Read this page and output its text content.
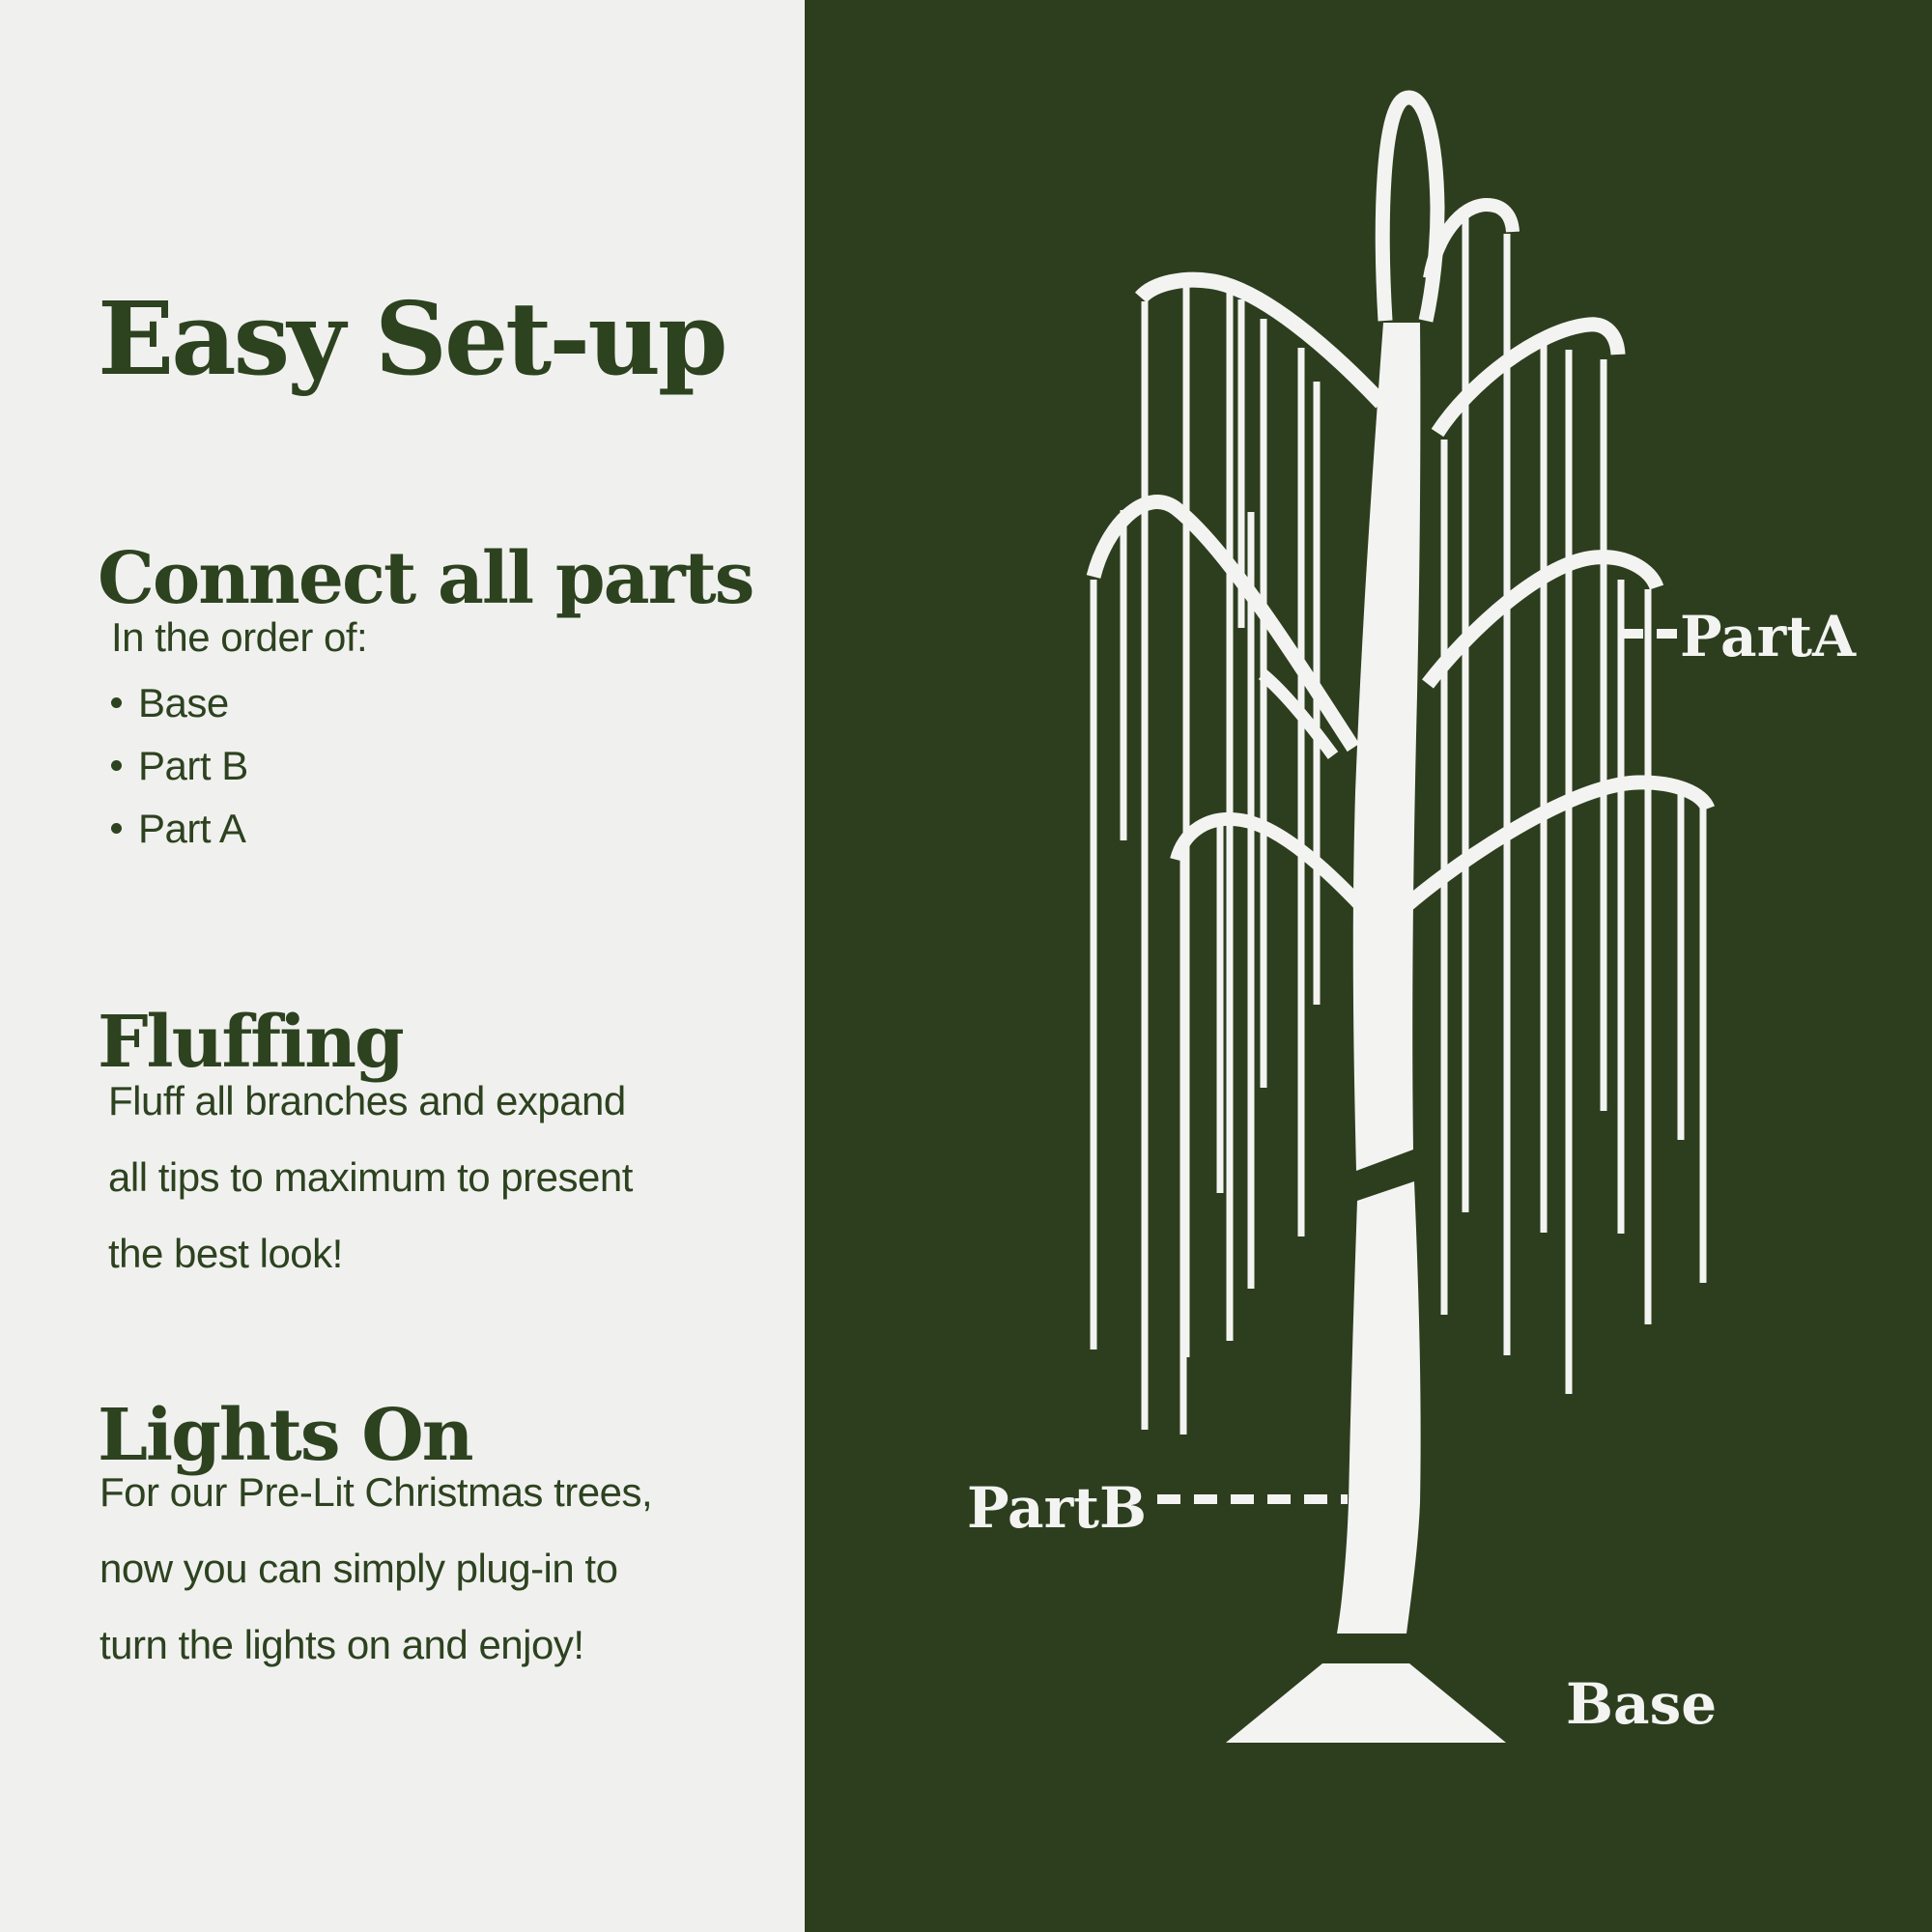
Easy Set-up
Connect all parts
In the order of:
Base
Part B
Part A
Fluffing
Fluff all branches and expand
all tips to maximum to present
the best look!
Lights On
For our Pre-Lit Christmas trees,
now you can simply plug-in to
turn the lights on and enjoy!
PartA
PartB
Base
